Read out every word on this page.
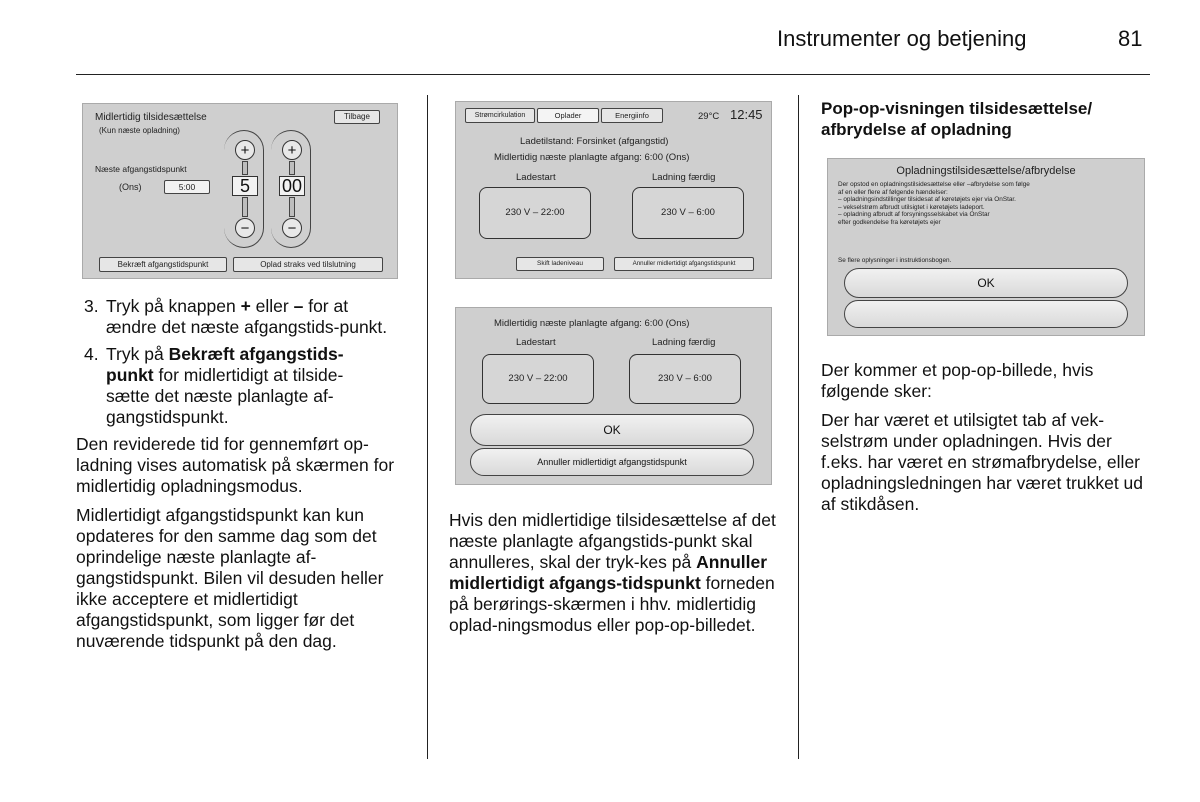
Instrumenter og betjening	81
Midlertidig tilsidesættelse
(Kun næste opladning)
Tilbage
Næste afgangstidspunkt
(Ons)	5:00
+
5
−
+
00
−
Bekræft afgangstidspunkt	Oplad straks ved tilslutning
3. Tryk på knappen + eller – for at ændre det næste afgangstids-punkt.
4. Tryk på Bekræft afgangstids-punkt for midlertidigt at tilside-sætte det næste planlagte af-gangstidspunkt.

Den reviderede tid for gennemført op-ladning vises automatisk på skærmen for midlertidig opladningsmodus.

Midlertidigt afgangstidspunkt kan kun opdateres for den samme dag som det oprindelige næste planlagte af-gangstidspunkt. Bilen vil desuden heller ikke acceptere et midlertidigt afgangstidspunkt, som ligger før det nuværende tidspunkt på den dag.

Strømcirkulation	Oplader	Energiinfo	29°C 12:45
Ladetilstand: Forsinket (afgangstid)
Midlertidig næste planlagte afgang: 6:00 (Ons)
Ladestart	Ladning færdig
230 V – 22:00	230 V – 6:00
Skift ladeniveau	Annuller midlertidigt afgangstidspunkt
Midlertidig næste planlagte afgang: 6:00 (Ons)
Ladestart	Ladning færdig
230 V – 22:00	230 V – 6:00
OK
Annuller midlertidigt afgangstidspunkt

Hvis den midlertidige tilsidesættelse af det næste planlagte afgangstids-punkt skal annulleres, skal der tryk-kes på Annuller midlertidigt afgangs-tidspunkt forneden på berørings-skærmen i hhv. midlertidig oplad-ningsmodus eller pop-op-billedet.

Pop-op-visningen tilsidesættelse/ afbrydelse af opladning
Opladningstilsidesættelse/afbrydelse
Der opstod en opladningstilsidesættelse eller –afbrydelse som følge
af en eller flere af følgende hændelser:
– opladningsindstillinger tilsidesat af køretøjets ejer via OnStar.
– vekselstrøm afbrudt utilsigtet i køretøjets ladeport.
– opladning afbrudt af forsyningsselskabet via OnStar
efter godkendelse fra køretøjets ejer
Se flere oplysninger i instruktionsbogen.
OK

Der kommer et pop-op-billede, hvis følgende sker:

Der har været et utilsigtet tab af vek-selstrøm under opladningen. Hvis der f.eks. har været en strømafbrydelse, eller opladningsledningen har været trukket ud af stikdåsen.
